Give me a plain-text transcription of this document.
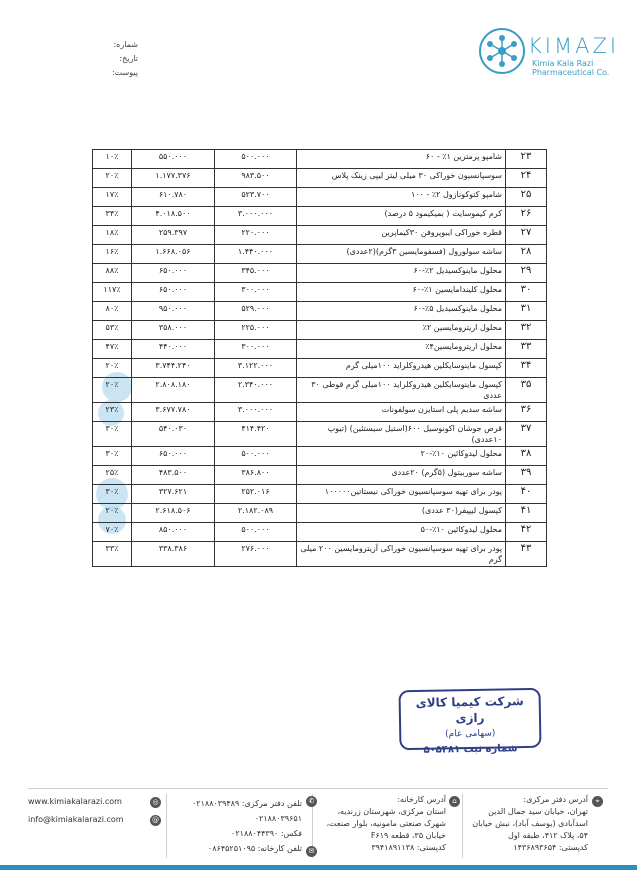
شماره:
تاریخ:
پیوست:
KIMAZI
Kimia Kala Razi
Pharmaceutical Co.
۱۰٪	۵۵۰.۰۰۰	۵۰۰.۰۰۰	شامپو پرمترین ۱٪ - ۶۰	۲۳
۲۰٪	۱.۱۷۷.۳۷۶	۹۸۳.۵۰۰	سوسپانسیون خوراکی ۳۰ میلی لیتر لیپی زینک پلاس	۲۴
۱۷٪	۶۱۰.۷۸۰	۵۲۳.۷۰۰	شامپو کتوکونازول ۲٪ - ۱۰۰	۲۵
۳۴٪	۴.۰۱۸.۵۰۰	۳.۰۰۰.۰۰۰	کرم کیموسایت ( بمیکیمود ۵ درصد)	۲۶
۱۸٪	۲۵۹.۳۹۷	۲۲۰.۰۰۰	قطره خوراکی ایبوپروفن ۳۰کیماپرین	۲۷
۱۶٪	۱.۶۶۸.۰۵۶	۱.۴۴۰.۰۰۰	ساشه سولورول (فسفومایسین ۳گرم)(۲عددی)	۲۸
۸۸٪	۶۵۰.۰۰۰	۳۴۵.۰۰۰	محلول ماینوکسیدیل ۲٪-۶۰	۲۹
۱۱۷٪	۶۵۰.۰۰۰	۳۰۰.۰۰۰	محلول کلیندامایسین ۱٪-۶۰	۳۰
۸۰٪	۹۵۰.۰۰۰	۵۲۹.۰۰۰	محلول ماینوکسیدیل ۵٪-۶۰	۳۱
۵۳٪	۳۵۸.۰۰۰	۲۲۵.۰۰۰	محلول اریترومایسین ۲٪	۳۲
۴۷٪	۴۴۰.۰۰۰	۳۰۰.۰۰۰	محلول اریترومایسین۴٪	۳۳
۲۰٪	۳.۷۴۴.۲۴۰	۳.۱۲۲.۰۰۰	کپسول ماینوسایکلین هیدروکلراید ۱۰۰میلی گرم	۳۴
۲۰٪	۲.۸۰۸.۱۸۰	۲.۳۴۰.۰۰۰	کپسول ماینوسایکلین هیدروکلراید ۱۰۰میلی گرم قوطی ۳۰ عددی	۳۵
۲۳٪	۳.۶۷۷.۷۸۰	۳.۰۰۰.۰۰۰	ساشه سدیم پلی استایرن سولفونات	۳۶
۳۰٪	۵۴۰.۰۳۰	۴۱۴.۴۲۰	قرص جوشان اکونوسیل ۶۰۰(استیل سیستئین) (تیوپ ۱۰عددی)	۳۷
۳۰٪	۶۵۰.۰۰۰	۵۰۰.۰۰۰	محلول لیدوکائین ۱۰٪-۲۰	۳۸
۲۵٪	۴۸۳.۵۰۰	۳۸۶.۸۰۰	ساشه سوربیتول (۵گرم) ۲۰عددی	۳۹
۳۰٪	۳۲۷.۶۲۱	۲۵۲.۰۱۶	پودر برای تهیه سوسپانسیون خوراکی نیستاتین۱۰۰۰۰۰	۴۰
۲۰٪	۲.۶۱۸.۵۰۶	۲.۱۸۲.۰۸۹	کپسول لیپیفر(۳۰ عددی)	۴۱
۷۰٪	۸۵۰.۰۰۰	۵۰۰.۰۰۰	محلول لیدوکائین ۱۰٪-۵۰	۴۲
۳۳٪	۳۳۸.۳۸۶	۲۷۶.۰۰۰	پودر برای تهیه سوسپانسیون خوراکی آزیترومایسین ۲۰۰ میلی گرم	۴۳
شرکت کیمیا کالای رازی
(سهامی عام)
شماره ثبت ۵۰۵۴۸۱
⌖
آدرس دفتر مرکزی:
تهران، خیابان سید جمال الدین
اسدآبادی (یوسف آباد)، نبش خیابان
۵۴، پلاک ۴۱۲، طبقه اول
کدپستی: ۱۴۳۶۸۹۳۶۵۴
⌂
آدرس کارخانه:
استان مرکزی، شهرستان زرندیه،
شهرک صنعتی مامونیه، بلوار صنعت،
خیابان ۳۵، قطعه F۶۱۹
کدپستی: ۳۹۴۱۸۹۱۱۳۸
✆
✉
تلفن دفتر مرکزی: ۰۲۱۸۸۰۳۹۴۸۹
۰۲۱۸۸۰۳۹۶۵۱
فکس: ۰۲۱۸۸۰۴۴۳۹۰
تلفن کارخانه: ۰۸۶۴۵۲۵۱۰۹۵
◎
www.kimiakalarazi.com
@
info@kimiakalarazi.com
